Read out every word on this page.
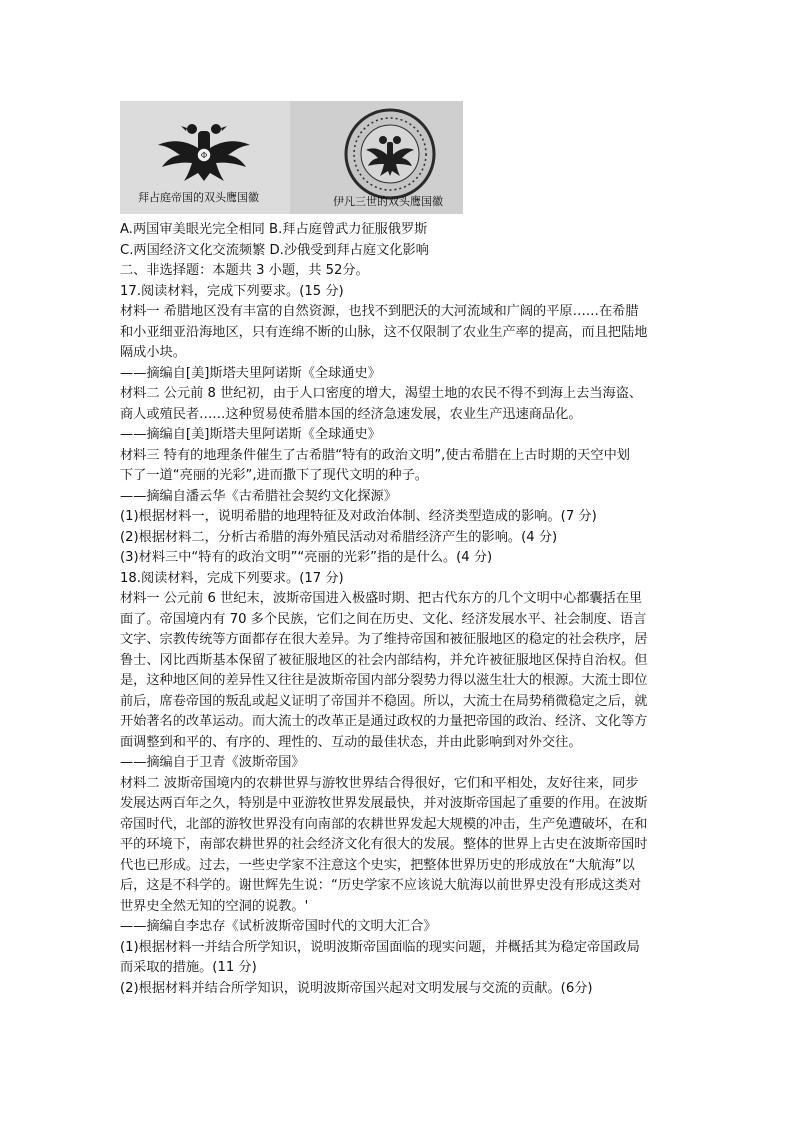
Φ
拜占庭帝国的双头鹰国徽	伊凡三世的双头鹰国徽

A.两国审美眼光完全相同 B.拜占庭曾武力征服俄罗斯

C.两国经济文化交流频繁 D.沙俄受到拜占庭文化影响

二、非选择题：本题共 3 小题，共 52分。

17.阅读材料，完成下列要求。(15 分)

材料一 希腊地区没有丰富的自然资源，也找不到肥沃的大河流域和广阔的平原……在希腊

和小亚细亚沿海地区，只有连绵不断的山脉，这不仅限制了农业生产率的提高，而且把陆地

隔成小块。

——摘编自[美]斯塔夫里阿诺斯《全球通史》

材料二 公元前 8 世纪初，由于人口密度的增大，渴望土地的农民不得不到海上去当海盗、

商人或殖民者……这种贸易使希腊本国的经济急速发展，农业生产迅速商品化。

——摘编自[美]斯塔夫里阿诺斯《全球通史》

材料三 特有的地理条件催生了古希腊“特有的政治文明”,使古希腊在上古时期的天空中划

下了一道“亮丽的光彩”,进而撒下了现代文明的种子。

——摘编自潘云华《古希腊社会契约文化探源》

(1)根据材料一，说明希腊的地理特征及对政治体制、经济类型造成的影响。(7 分)

(2)根据材料二，分析古希腊的海外殖民活动对希腊经济产生的影响。(4 分)

(3)材料三中“特有的政治文明”“亮丽的光彩”指的是什么。(4 分)

18.阅读材料，完成下列要求。(17 分)

材料一 公元前 6 世纪末，波斯帝国进入极盛时期、把古代东方的几个文明中心都囊括在里

面了。帝国境内有 70 多个民族，它们之间在历史、文化、经济发展水平、社会制度、语言

文字、宗教传统等方面都存在很大差异。为了维持帝国和被征服地区的稳定的社会秩序，居

鲁士、冈比西斯基本保留了被征服地区的社会内部结构，并允许被征服地区保持自治权。但

是，这种地区间的差异性又往往是波斯帝国内部分裂势力得以滋生壮大的根源。大流士即位

前后，席卷帝国的叛乱或起义证明了帝国并不稳固。所以，大流士在局势稍微稳定之后，就

开始著名的改革运动。而大流士的改革正是通过政权的力量把帝国的政治、经济、文化等方

面调整到和平的、有序的、理性的、互动的最佳状态，并由此影响到对外交往。

——摘编自于卫青《波斯帝国》

材料二 波斯帝国境内的农耕世界与游牧世界结合得很好，它们和平相处，友好往来，同步

发展达两百年之久，特别是中亚游牧世界发展最快，并对波斯帝国起了重要的作用。在波斯

帝国时代，北部的游牧世界没有向南部的农耕世界发起大规模的冲击，生产免遭破坏，在和

平的环境下，南部农耕世界的社会经济文化有很大的发展。整体的世界上古史在波斯帝国时

代也已形成。过去，一些史学家不注意这个史实，把整体世界历史的形成放在“大航海”以

后，这是不科学的。谢世辉先生说：“历史学家不应该说大航海以前世界史没有形成这类对

世界史全然无知的空洞的说教。'

——摘编自李忠存《试析波斯帝国时代的文明大汇合》

(1)根据材料一并结合所学知识，说明波斯帝国面临的现实问题，并概括其为稳定帝国政局

而采取的措施。(11 分)

(2)根据材料并结合所学知识，说明波斯帝国兴起对文明发展与交流的贡献。(6分)
